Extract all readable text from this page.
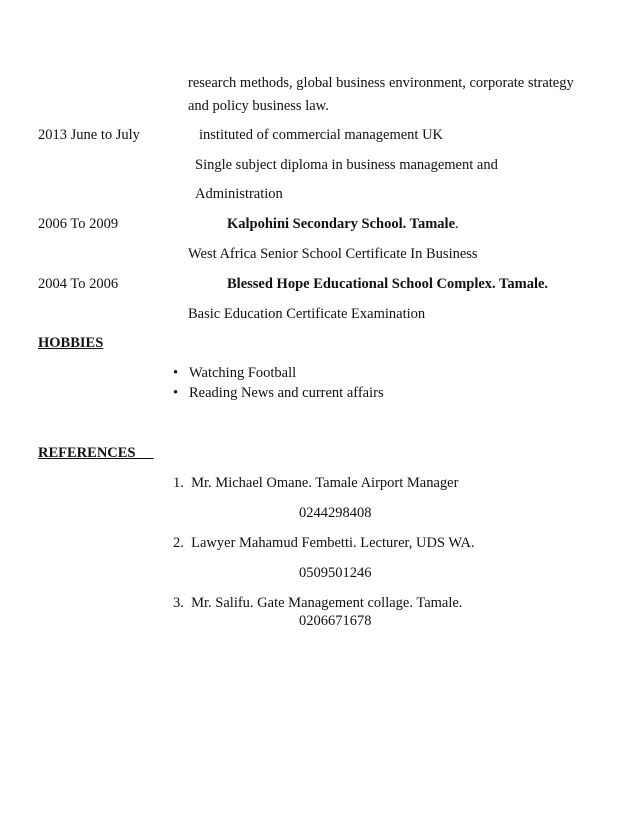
research methods, global business environment, corporate strategy
and policy business law.
2013 June to July	instituted of commercial management UK
Single subject diploma in business management and
Administration
2006 To 2009	Kalpohini Secondary School. Tamale.
West Africa Senior School Certificate In Business
2004 To 2006	Blessed Hope Educational School Complex. Tamale.
Basic Education Certificate Examination
HOBBIES
• Watching Football
• Reading News and current affairs
REFERENCES
1. Mr. Michael Omane. Tamale Airport Manager
0244298408
2. Lawyer Mahamud Fembetti. Lecturer, UDS WA.
0509501246
3. Mr. Salifu. Gate Management collage. Tamale.
0206671678
